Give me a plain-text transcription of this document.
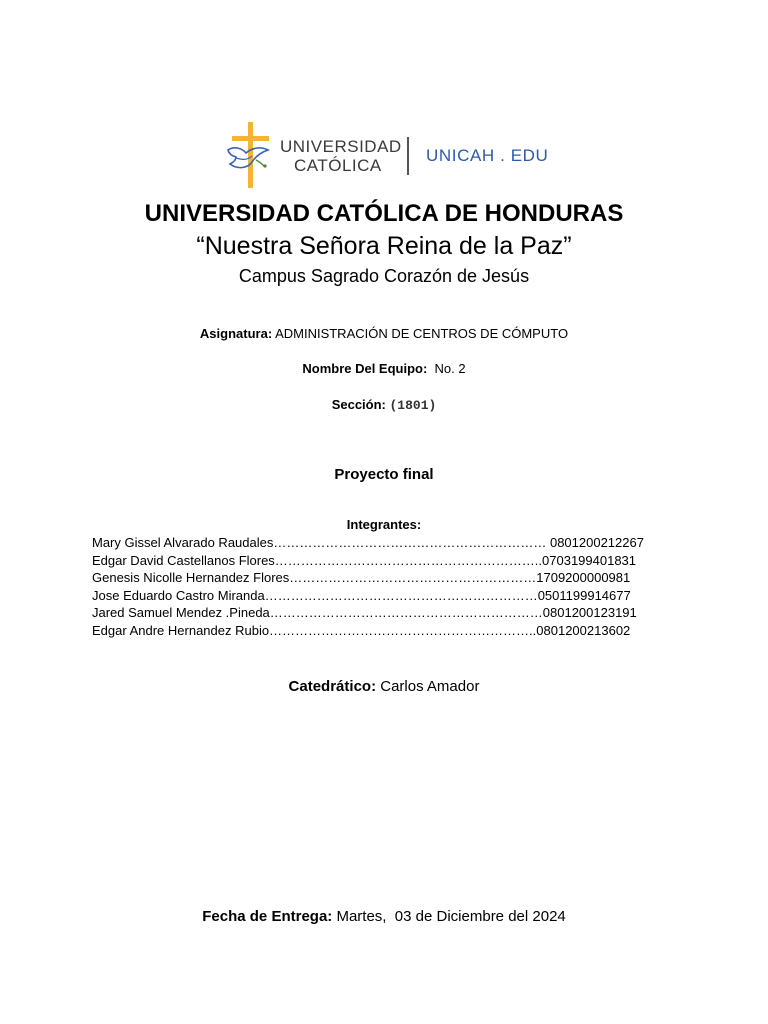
UNIVERSIDAD
CATÓLICA
UNICAH . EDU
UNIVERSIDAD CATÓLICA DE HONDURAS
“Nuestra Señora Reina de la Paz”
Campus Sagrado Corazón de Jesús
Asignatura: ADMINISTRACIÓN DE CENTROS DE CÓMPUTO
Nombre Del Equipo: No. 2
Sección: (1801)
Proyecto final
Integrantes:
Mary Gissel Alvarado Raudales……………………………………………………… 0801200212267
Edgar David Castellanos Flores……………………………………………………..0703199401831
Genesis Nicolle Hernandez Flores…………………………………………………1709200000981
Jose Eduardo Castro Miranda………………………………………………………0501199914677
Jared Samuel Mendez .Pineda………………………………………………………0801200123191
Edgar Andre Hernandez Rubio……………………………………………………..0801200213602
Catedrático: Carlos Amador
Fecha de Entrega: Martes,  03 de Diciembre del 2024
